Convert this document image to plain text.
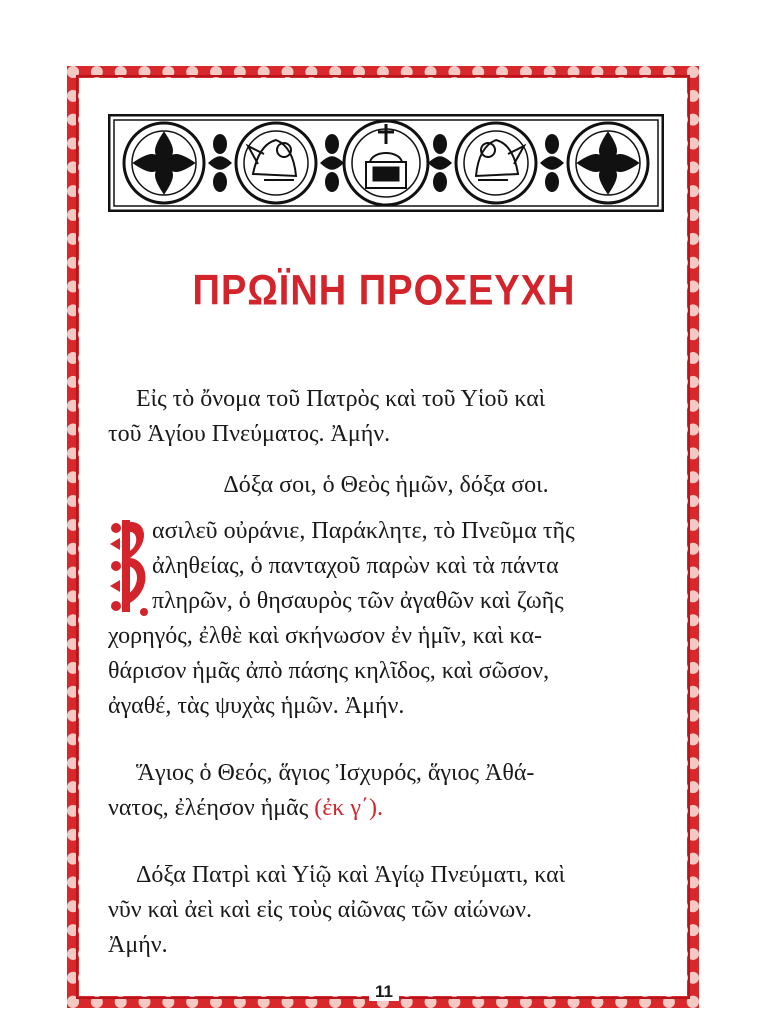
ΠΡΩΪΝΗ ΠΡΟΣΕΥΧΗ
Εἰς τὸ ὄνομα τοῦ Πατρὸς καὶ τοῦ Υἱοῦ καὶ
τοῦ Ἁγίου Πνεύματος. Ἀμήν.
Δόξα σοι, ὁ Θεὸς ἡμῶν, δόξα σοι.
ασιλεῦ οὐράνιε, Παράκλητε, τὸ Πνεῦμα τῆς
ἀληθείας, ὁ πανταχοῦ παρὼν καὶ τὰ πάντα
πληρῶν, ὁ θησαυρὸς τῶν ἀγαθῶν καὶ ζωῆς
χορηγός, ἐλθὲ καὶ σκήνωσον ἐν ἡμῖν, καὶ κα-
θάρισον ἡμᾶς ἀπὸ πάσης κηλῖδος, καὶ σῶσον,
ἀγαθέ, τὰς ψυχὰς ἡμῶν. Ἀμήν.
Ἅγιος ὁ Θεός, ἅγιος Ἰσχυρός, ἅγιος Ἀθά-
νατος, ἐλέησον ἡμᾶς (ἐκ γ΄).
Δόξα Πατρὶ καὶ Υἱῷ καὶ Ἁγίῳ Πνεύματι, καὶ
νῦν καὶ ἀεὶ καὶ εἰς τοὺς αἰῶνας τῶν αἰώνων.
Ἀμήν.
11
